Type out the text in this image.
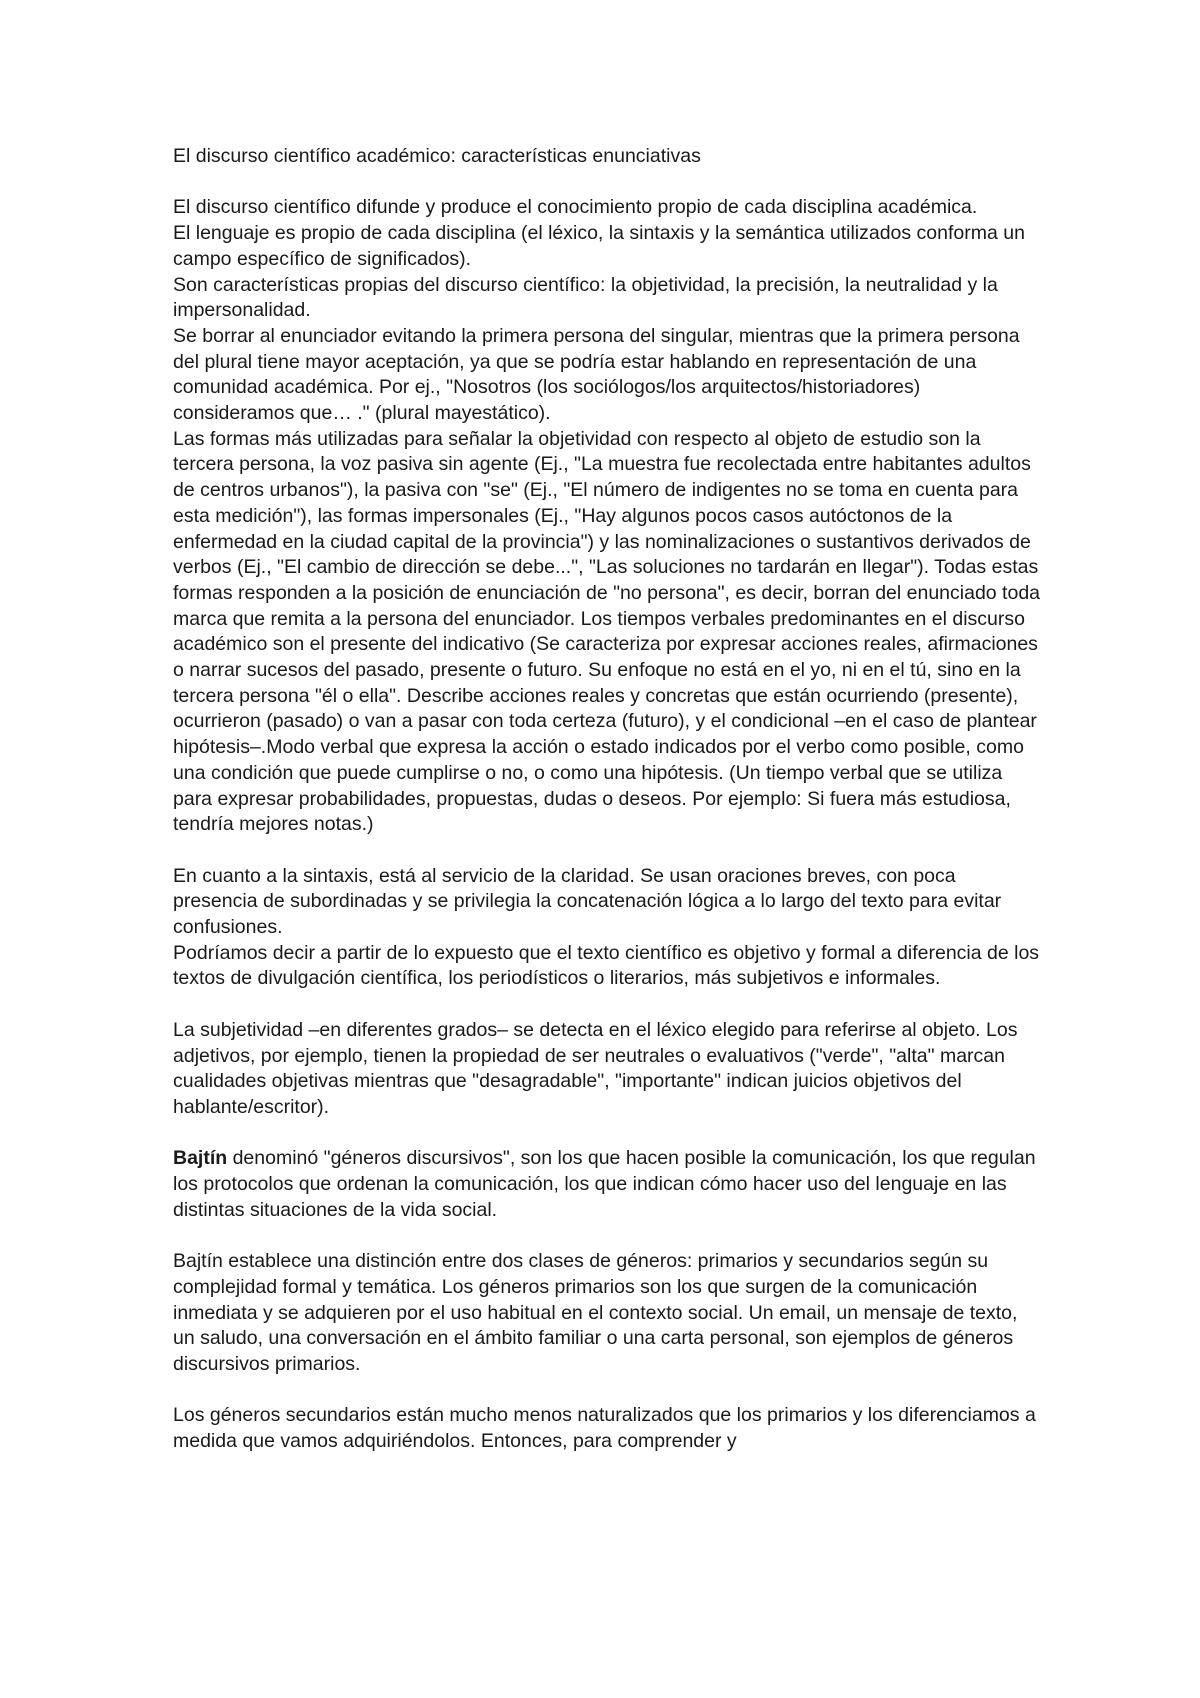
El discurso científico académico: características enunciativas

El discurso científico difunde y produce el conocimiento propio de cada disciplina académica.

El lenguaje es propio de cada disciplina (el léxico, la sintaxis y la semántica utilizados conforma un campo específico de significados).

Son características propias del discurso científico: la objetividad, la precisión, la neutralidad y la impersonalidad.

Se borrar al enunciador evitando la primera persona del singular, mientras que la primera persona del plural tiene mayor aceptación, ya que se podría estar hablando en representación de una comunidad académica. Por ej., "Nosotros (los sociólogos/los arquitectos/historiadores) consideramos que… ." (plural mayestático).

Las formas más utilizadas para señalar la objetividad con respecto al objeto de estudio son la tercera persona, la voz pasiva sin agente (Ej., "La muestra fue recolectada entre habitantes adultos de centros urbanos"), la pasiva con "se" (Ej., "El número de indigentes no se toma en cuenta para esta medición"), las formas impersonales (Ej., "Hay algunos pocos casos autóctonos de la enfermedad en la ciudad capital de la provincia") y las nominalizaciones o sustantivos derivados de verbos (Ej., "El cambio de dirección se debe...", "Las soluciones no tardarán en llegar"). Todas estas formas responden a la posición de enunciación de "no persona", es decir, borran del enunciado toda marca que remita a la persona del enunciador. Los tiempos verbales predominantes en el discurso académico son el presente del indicativo (Se caracteriza por expresar acciones reales, afirmaciones o narrar sucesos del pasado, presente o futuro. Su enfoque no está en el yo, ni en el tú, sino en la tercera persona "él o ella". Describe acciones reales y concretas que están ocurriendo (presente), ocurrieron (pasado) o van a pasar con toda certeza (futuro), y el condicional –en el caso de plantear hipótesis–.Modo verbal que expresa la acción o estado indicados por el verbo como posible, como una condición que puede cumplirse o no, o como una hipótesis. (Un tiempo verbal que se utiliza para expresar probabilidades, propuestas, dudas o deseos. Por ejemplo: Si fuera más estudiosa, tendría mejores notas.)

En cuanto a la sintaxis, está al servicio de la claridad. Se usan oraciones breves, con poca presencia de subordinadas y se privilegia la concatenación lógica a lo largo del texto para evitar confusiones.

Podríamos decir a partir de lo expuesto que el texto científico es objetivo y formal a diferencia de los textos de divulgación científica, los periodísticos o literarios, más subjetivos e informales.

La subjetividad –en diferentes grados– se detecta en el léxico elegido para referirse al objeto. Los adjetivos, por ejemplo, tienen la propiedad de ser neutrales o evaluativos ("verde", "alta" marcan cualidades objetivas mientras que "desagradable", "importante" indican juicios objetivos del hablante/escritor).

Bajtín denominó "géneros discursivos", son los que hacen posible la comunicación, los que regulan los protocolos que ordenan la comunicación, los que indican cómo hacer uso del lenguaje en las distintas situaciones de la vida social.

Bajtín establece una distinción entre dos clases de géneros: primarios y secundarios según su complejidad formal y temática. Los géneros primarios son los que surgen de la comunicación inmediata y se adquieren por el uso habitual en el contexto social. Un email, un mensaje de texto, un saludo, una conversación en el ámbito familiar o una carta personal, son ejemplos de géneros discursivos primarios.

Los géneros secundarios están mucho menos naturalizados que los primarios y los diferenciamos a medida que vamos adquiriéndolos. Entonces, para comprender y
